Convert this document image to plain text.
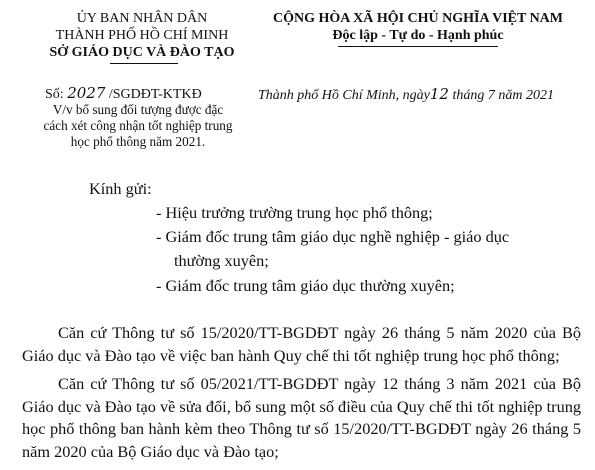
ỦY BAN NHÂN DÂN
THÀNH PHỐ HỒ CHÍ MINH
SỞ GIÁO DỤC VÀ ĐÀO TẠO
CỘNG HÒA XÃ HỘI CHỦ NGHĨA VIỆT NAM
Độc lập - Tự do - Hạnh phúc
Số: 2027 /SGDĐT-KTKĐ
V/v bổ sung đối tượng được đặc
cách xét công nhận tốt nghiệp trung
học phổ thông năm 2021.
Thành phố Hồ Chí Minh, ngày12 tháng 7 năm 2021
Kính gửi:
- Hiệu trưởng trường trung học phổ thông;
- Giám đốc trung tâm giáo dục nghề nghiệp - giáo dục
thường xuyên;
- Giám đốc trung tâm giáo dục thường xuyên;
Căn cứ Thông tư số 15/2020/TT-BGDĐT ngày 26 tháng 5 năm 2020 của Bộ Giáo dục và Đào tạo về việc ban hành Quy chế thi tốt nghiệp trung học phổ thông;
Căn cứ Thông tư số 05/2021/TT-BGDĐT ngày 12 tháng 3 năm 2021 của Bộ Giáo dục và Đào tạo về sửa đổi, bổ sung một số điều của Quy chế thi tốt nghiệp trung học phổ thông ban hành kèm theo Thông tư số 15/2020/TT-BGDĐT ngày 26 tháng 5 năm 2020 của Bộ Giáo dục và Đào tạo;
